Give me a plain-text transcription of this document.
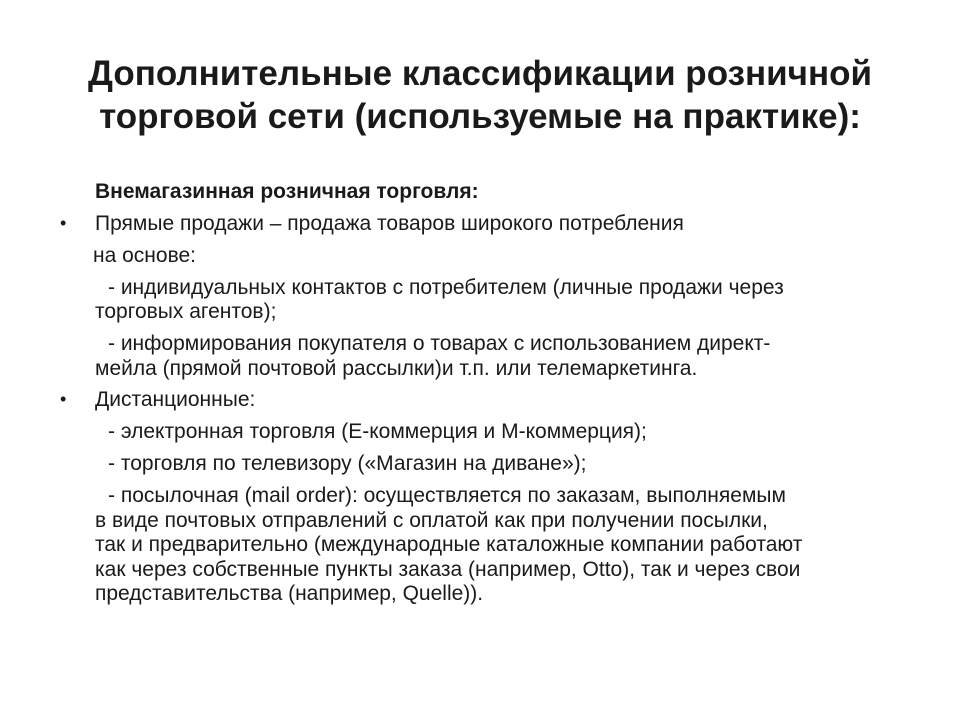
Дополнительные классификации розничной
торговой сети (используемые на практике):
Внемагазинная розничная торговля:
• Прямые продажи – продажа товаров широкого потребления
на основе:
- индивидуальных контактов с потребителем (личные продажи через
торговых агентов);
- информирования покупателя о товарах с использованием директ-
мейла (прямой почтовой рассылки)и т.п. или телемаркетинга.
• Дистанционные:
- электронная торговля (Е-коммерция и М-коммерция);
- торговля по телевизору («Магазин на диване»);
- посылочная (mail order): осуществляется по заказам, выполняемым
в виде почтовых отправлений с оплатой как при получении посылки,
так и предварительно (международные каталожные компании работают
как через собственные пункты заказа (например, Otto), так и через свои
представительства (например, Quelle)).
